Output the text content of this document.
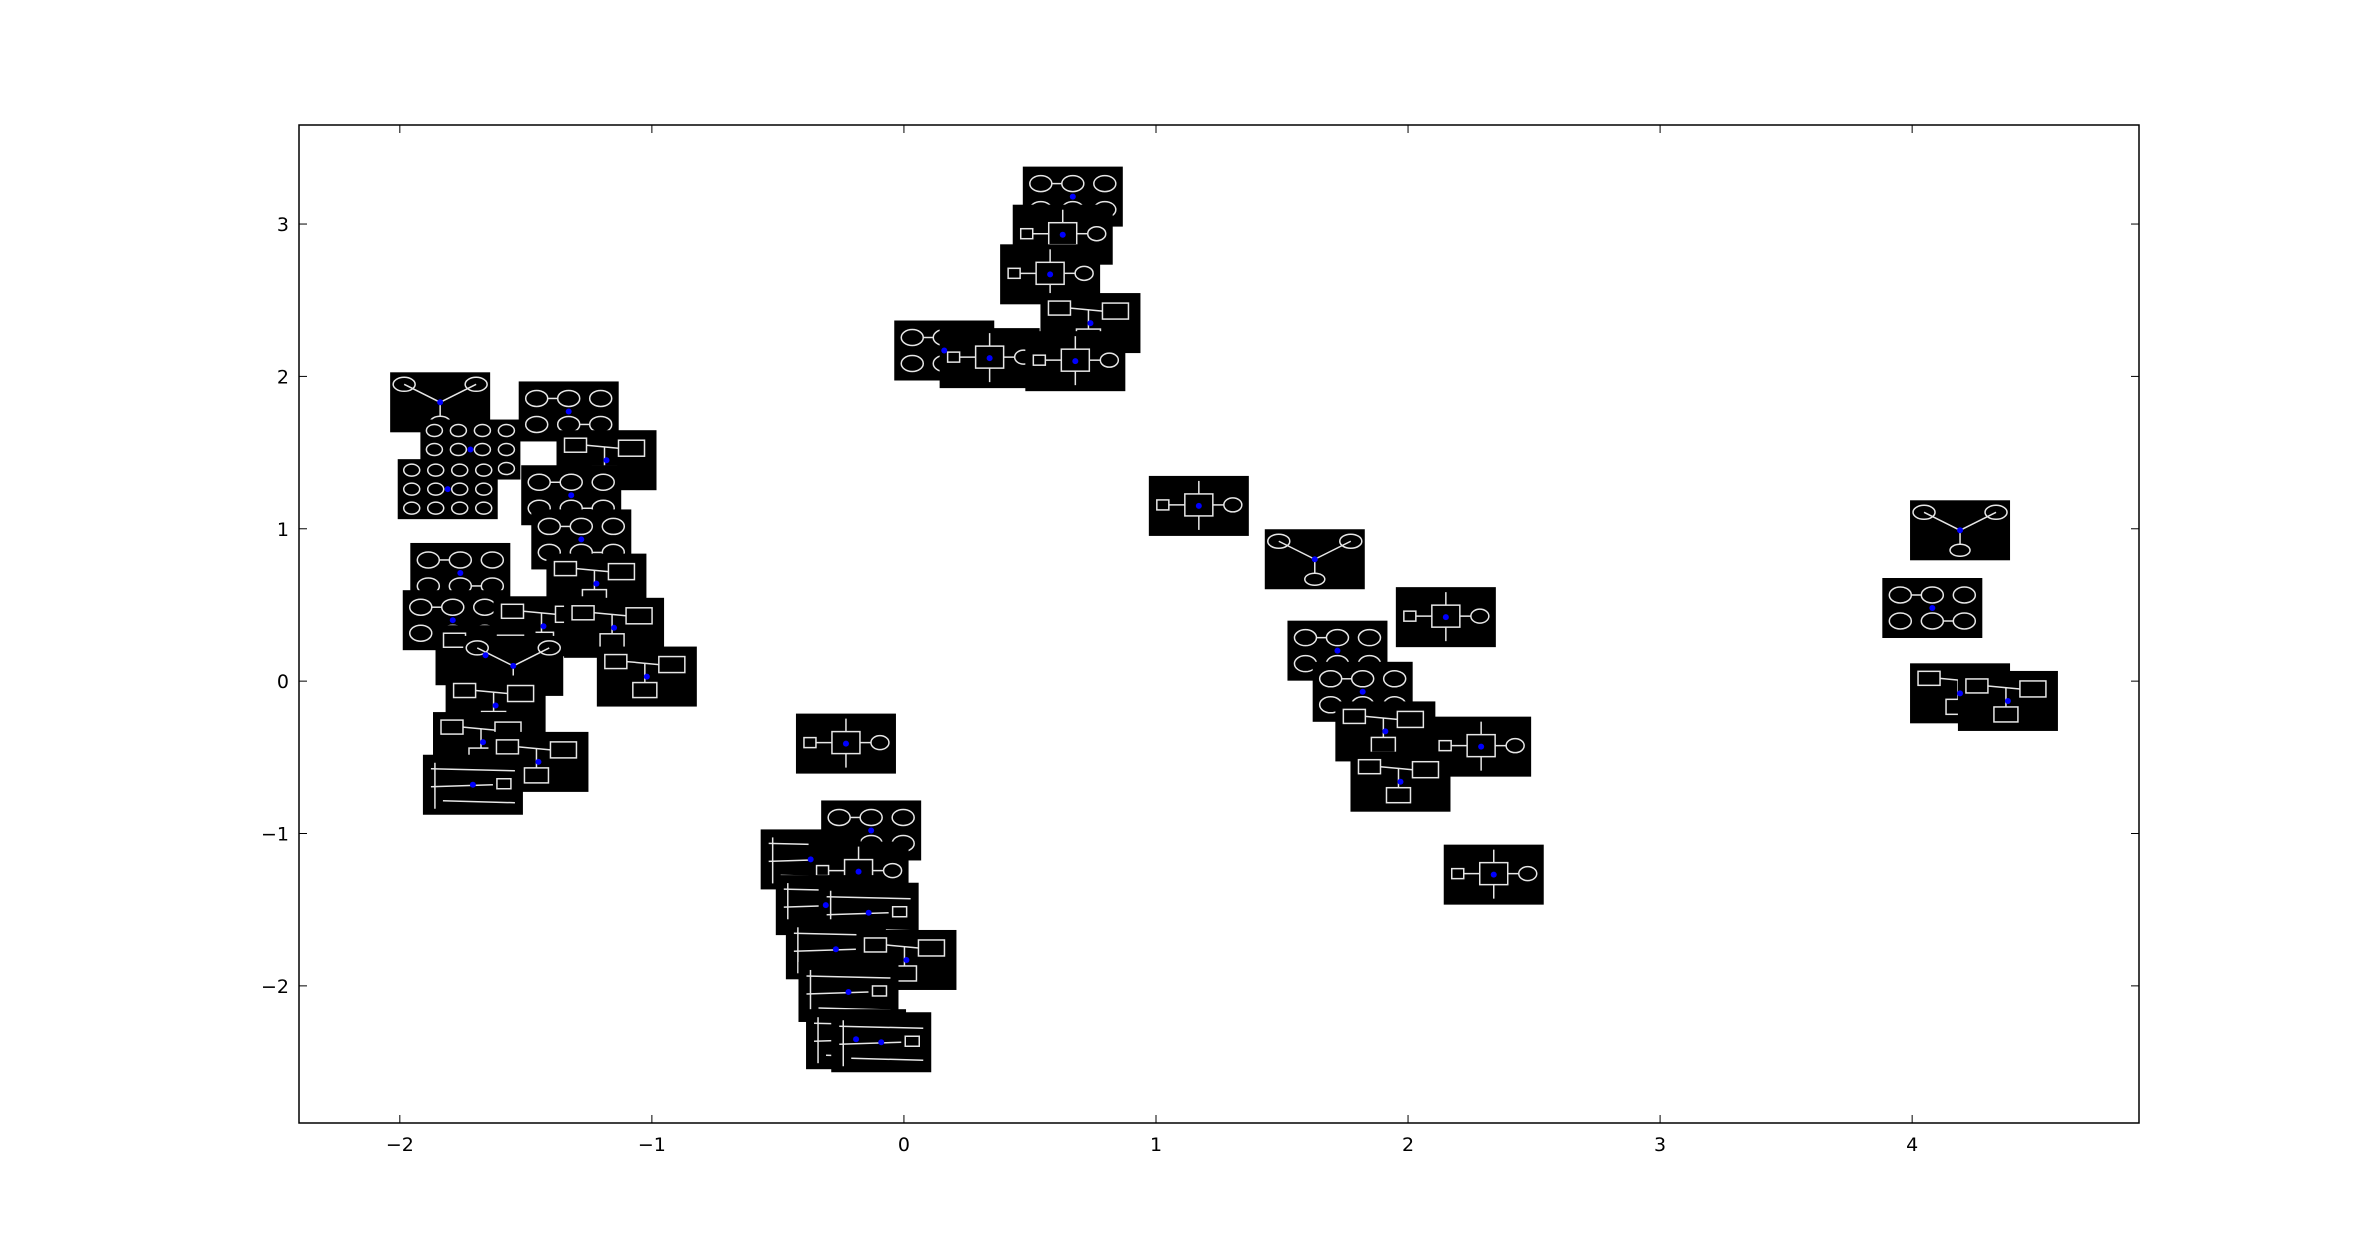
−2	−1	0	1	2	3	4
−2
−1
0
1
2
3
